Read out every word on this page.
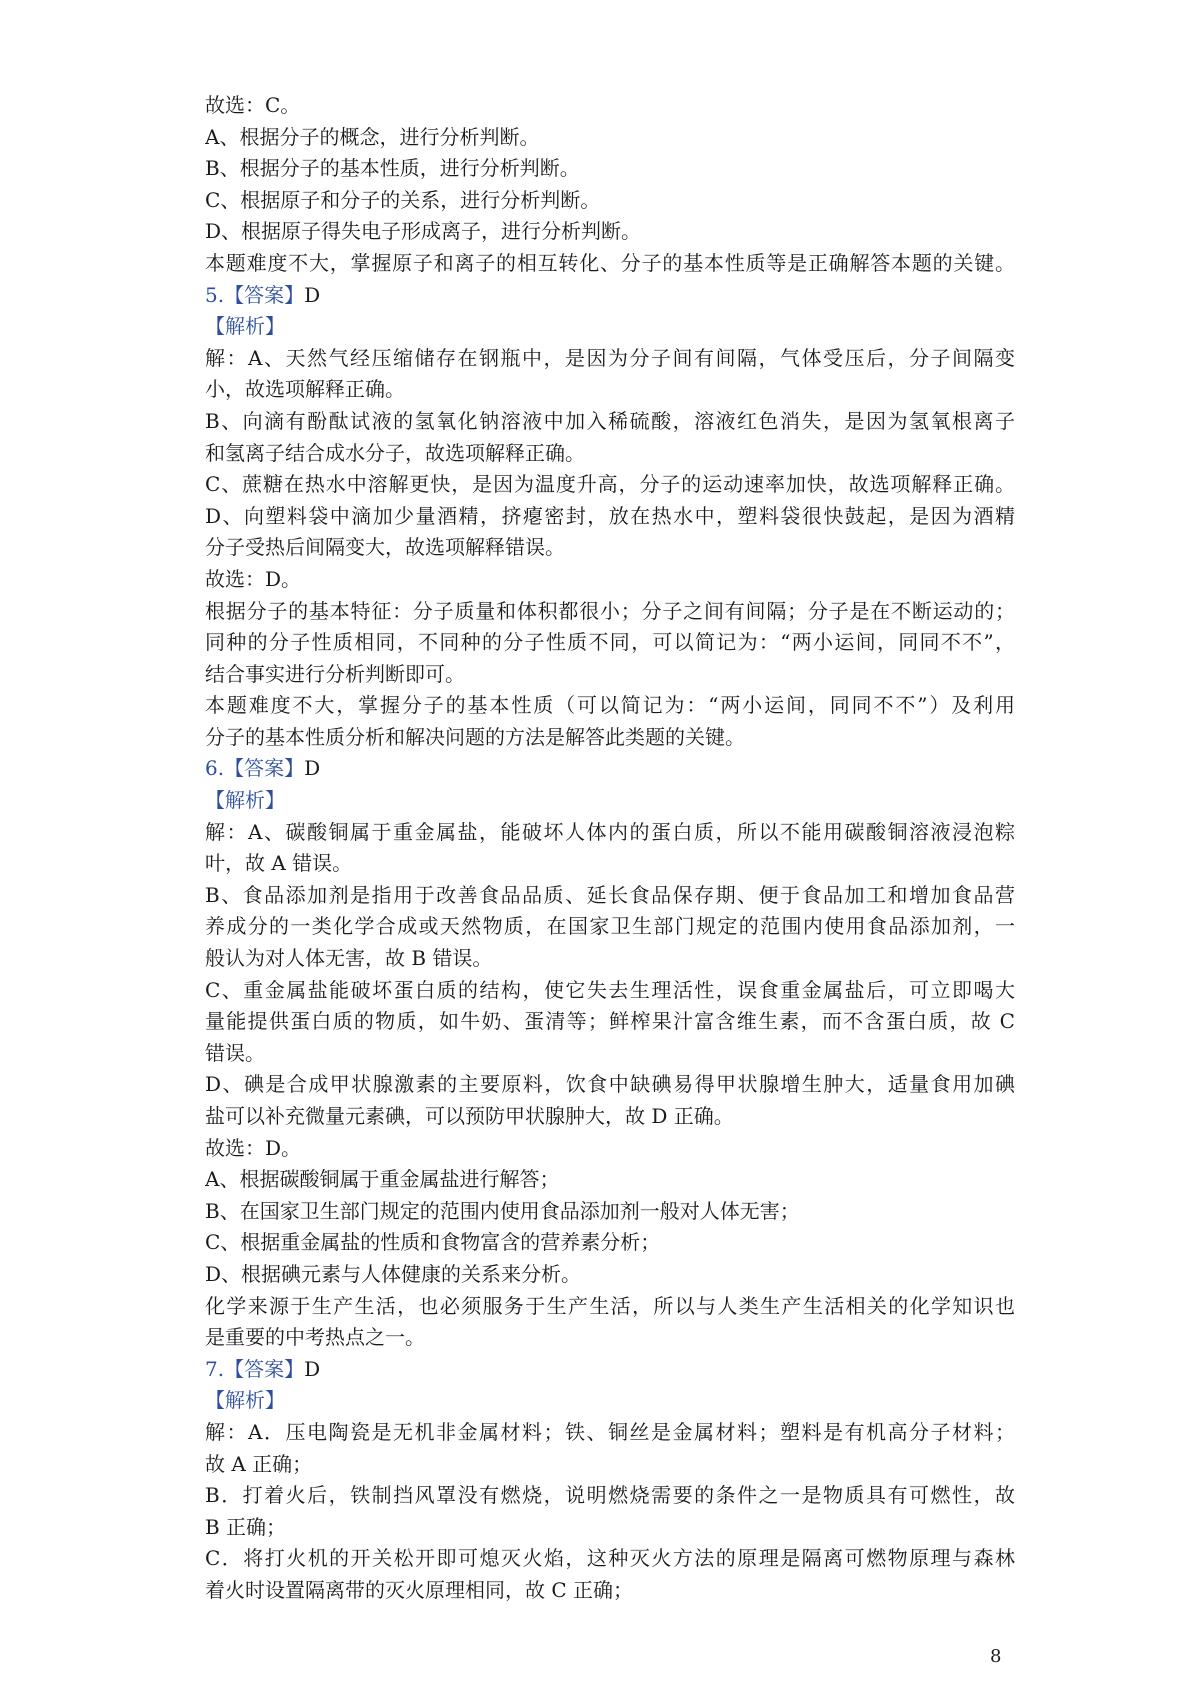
故选：C。
A、根据分子的概念，进行分析判断。
B、根据分子的基本性质，进行分析判断。
C、根据原子和分子的关系，进行分析判断。
D、根据原子得失电子形成离子，进行分析判断。
本题难度不大，掌握原子和离子的相互转化、分子的基本性质等是正确解答本题的关键。
5.【答案】D
【解析】
解：A、天然气经压缩储存在钢瓶中，是因为分子间有间隔，气体受压后，分子间隔变
小，故选项解释正确。
B、向滴有酚酞试液的氢氧化钠溶液中加入稀硫酸，溶液红色消失，是因为氢氧根离子
和氢离子结合成水分子，故选项解释正确。
C、蔗糖在热水中溶解更快，是因为温度升高，分子的运动速率加快，故选项解释正确。
D、向塑料袋中滴加少量酒精，挤瘪密封，放在热水中，塑料袋很快鼓起，是因为酒精
分子受热后间隔变大，故选项解释错误。
故选：D。
根据分子的基本特征：分子质量和体积都很小；分子之间有间隔；分子是在不断运动的；
同种的分子性质相同，不同种的分子性质不同，可以简记为：“两小运间，同同不不”，
结合事实进行分析判断即可。
本题难度不大，掌握分子的基本性质（可以简记为：“两小运间，同同不不”）及利用
分子的基本性质分析和解决问题的方法是解答此类题的关键。
6.【答案】D
【解析】
解：A、碳酸铜属于重金属盐，能破坏人体内的蛋白质，所以不能用碳酸铜溶液浸泡粽
叶，故 A 错误。
B、食品添加剂是指用于改善食品品质、延长食品保存期、便于食品加工和增加食品营
养成分的一类化学合成或天然物质，在国家卫生部门规定的范围内使用食品添加剂，一
般认为对人体无害，故 B 错误。
C、重金属盐能破坏蛋白质的结构，使它失去生理活性，误食重金属盐后，可立即喝大
量能提供蛋白质的物质，如牛奶、蛋清等；鲜榨果汁富含维生素，而不含蛋白质，故 C
错误。
D、碘是合成甲状腺激素的主要原料，饮食中缺碘易得甲状腺增生肿大，适量食用加碘
盐可以补充微量元素碘，可以预防甲状腺肿大，故 D 正确。
故选：D。
A、根据碳酸铜属于重金属盐进行解答；
B、在国家卫生部门规定的范围内使用食品添加剂一般对人体无害；
C、根据重金属盐的性质和食物富含的营养素分析；
D、根据碘元素与人体健康的关系来分析。
化学来源于生产生活，也必须服务于生产生活，所以与人类生产生活相关的化学知识也
是重要的中考热点之一。
7.【答案】D
【解析】
解：A．压电陶瓷是无机非金属材料；铁、铜丝是金属材料；塑料是有机高分子材料；
故 A 正确；
B．打着火后，铁制挡风罩没有燃烧，说明燃烧需要的条件之一是物质具有可燃性，故
B 正确；
C．将打火机的开关松开即可熄灭火焰，这种灭火方法的原理是隔离可燃物原理与森林
着火时设置隔离带的灭火原理相同，故 C 正确；
8
